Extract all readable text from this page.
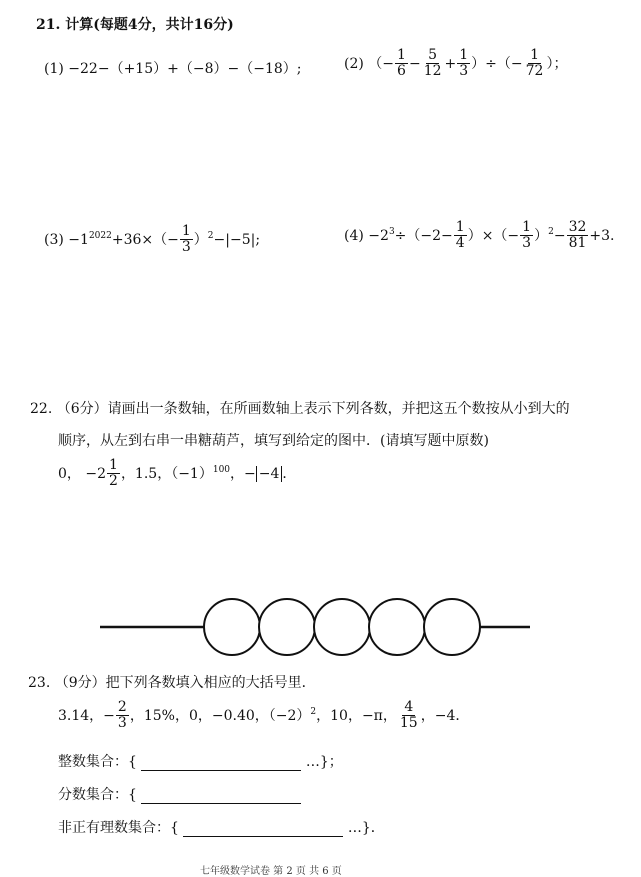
21. 计算(每题4分，共计16分)
(1) −22−（+15）+（−8）−（−18）;	(2) （− $\frac{1}{6} - \frac{5}{12} + \frac{1}{3}$ ）÷（− $\frac{1}{72}$ ）；
$(3) -1^{2022}+36\times(- \frac{1}{3} )^2-|-5|$;	$(4) -2^3\div(-2- \frac{1}{4}$ ）×（− $\frac{1}{3} )^2- \frac{32}{81} +3$.
22. （6分）请画出一条数轴，在所画数轴上表示下列各数，并把这五个数按从小到大的
顺序，从左到右串一串糖葫芦，填写到给定的图中．(请填写题中原数)
0， $-2 \frac{1}{2}$ ，1.5，$(-1)^{100}$，− −4 ．
23. （9分）把下列各数填入相应的大括号里．
3.14，− $\frac{2}{3}$ ，15%，0，−0.40，$(-2)^2$，10，−π， $\frac{4}{15}$ ，−4．
整数集合：{	…}；
分数集合：{
非正有理数集合：{	…}．
七年级数学试卷 第 2 页 共 6 页
